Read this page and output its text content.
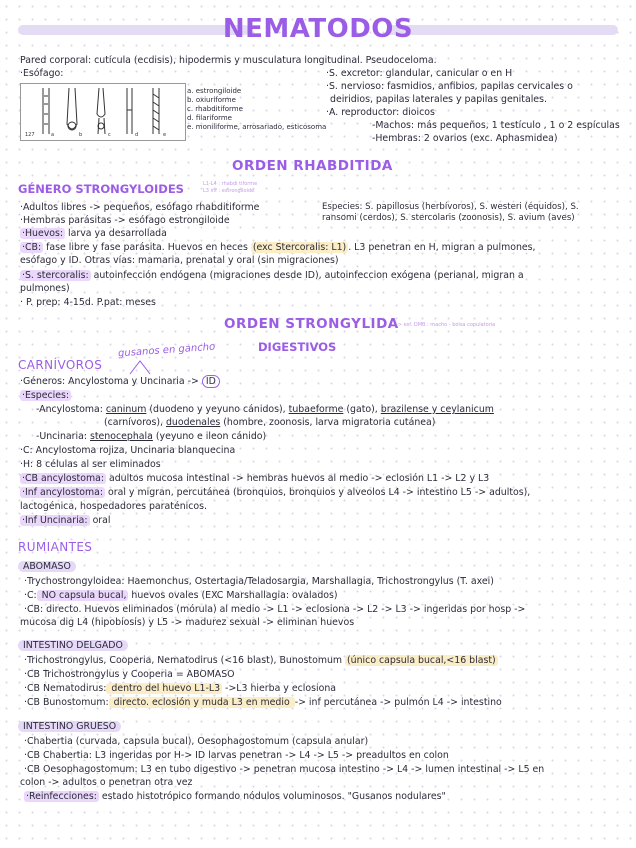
NEMATODOS
Pared corporal: cutícula (ecdisis), hipodermis y musculatura longitudinal. Pseudoceloma.
·Esófago:
127	a	b	c	d	e
a. estrongiloide
b. oxiuriforme
c. rhabditiforme
d. filariforme
e. moniliforme, arrosariado, esticosoma
·S. excretor: glandular, canicular o en H
·S. nervioso: fasmidios, anfibios, papilas cervicales o
deiridios, papilas laterales y papilas genitales.
·A. reproductor: dioicos
-Machos: más pequeños, 1 testículo , 1 o 2 espículas
-Hembras: 2 ovarios (exc. Aphasmidea)
ORDEN RHABDITIDA
GÉNERO STRONGYLOIDES	L1-L4 : rhabdi tiforme
L3 inf : estrongiloide
Especies: S. papillosus (herbívoros), S. westeri (équidos), S.
ransomi (cerdos), S. stercolaris (zoonosis), S. avium (aves)
·Adultos libres -> pequeños, esófago rhabditiforme
·Hembras parásitas -> esófago estrongiloide
·Huevos: larva ya desarrollada
·CB: fase libre y fase parásita. Huevos en heces (exc Stercoralis: L1) . L3 penetran en H, migran a pulmones,
esófago y ID. Otras vías: mamaria, prenatal y oral (sin migraciones)
·S. stercoralis: autoinfección endógena (migraciones desde ID), autoinfeccion exógena (perianal, migran a
pulmones)
· P. prep: 4-15d. P.pat: meses
ORDEN STRONGYLIDA
-> esf. DMB : macho - bolsa copulatoria
DIGESTIVOS
gusanos en gancho
CARNÍVOROS
·Géneros: Ancylostoma y Uncinaria -> ID
·Especies:
-Ancylostoma: caninum (duodeno y yeyuno cánidos), tubaeforme (gato), brazilense y ceylanicum
(carnívoros), duodenales (hombre, zoonosis, larva migratoria cutánea)
-Uncinaria: stenocephala (yeyuno e ileon cánido)
·C: Ancylostoma rojiza, Uncinaria blanquecina
·H: 8 células al ser eliminados
·CB ancylostoma: adultos mucosa intestinal -> hembras huevos al medio -> eclosión L1 -> L2 y L3
·Inf ancylostoma: oral y migran, percutánea (bronquios, bronquios y alveolos L4 -> intestino L5 -> adultos),
lactogénica, hospedadores paraténicos.
·Inf Uncinaria: oral
RUMIANTES
ABOMASO
·Trychostrongyloidea: Haemonchus, Ostertagia/Teladosargia, Marshallagia, Trichostrongylus (T. axei)
·C: NO capsula bucal, huevos ovales (EXC Marshallagia: ovalados)
·CB: directo. Huevos eliminados (mórula) al medio -> L1 -> eclosiona -> L2 -> L3 -> ingeridas por hosp ->
mucosa dig L4 (hipobiosis) y L5 -> madurez sexual -> eliminan huevos
INTESTINO DELGADO
·Trichostrongylus, Cooperia, Nematodirus (<16 blast), Bunostomum (único capsula bucal,<16 blast)
·CB Trichostrongylus y Cooperia = ABOMASO
·CB Nematodirus: dentro del huevo L1-L3 ->L3 hierba y eclosiona
·CB Bunostomum: directo. eclosión y muda L3 en medio -> inf percutánea -> pulmón L4 -> intestino
INTESTINO GRUESO
·Chabertia (curvada, capsula bucal), Oesophagostomum (capsula anular)
·CB Chabertia: L3 ingeridas por H-> ID larvas penetran -> L4 -> L5 -> preadultos en colon
·CB Oesophagostomum: L3 en tubo digestivo -> penetran mucosa intestino -> L4 -> lumen intestinal -> L5 en
colon -> adultos o penetran otra vez
·Reinfecciones: estado histotrópico formando nódulos voluminosos. "Gusanos nodulares"
